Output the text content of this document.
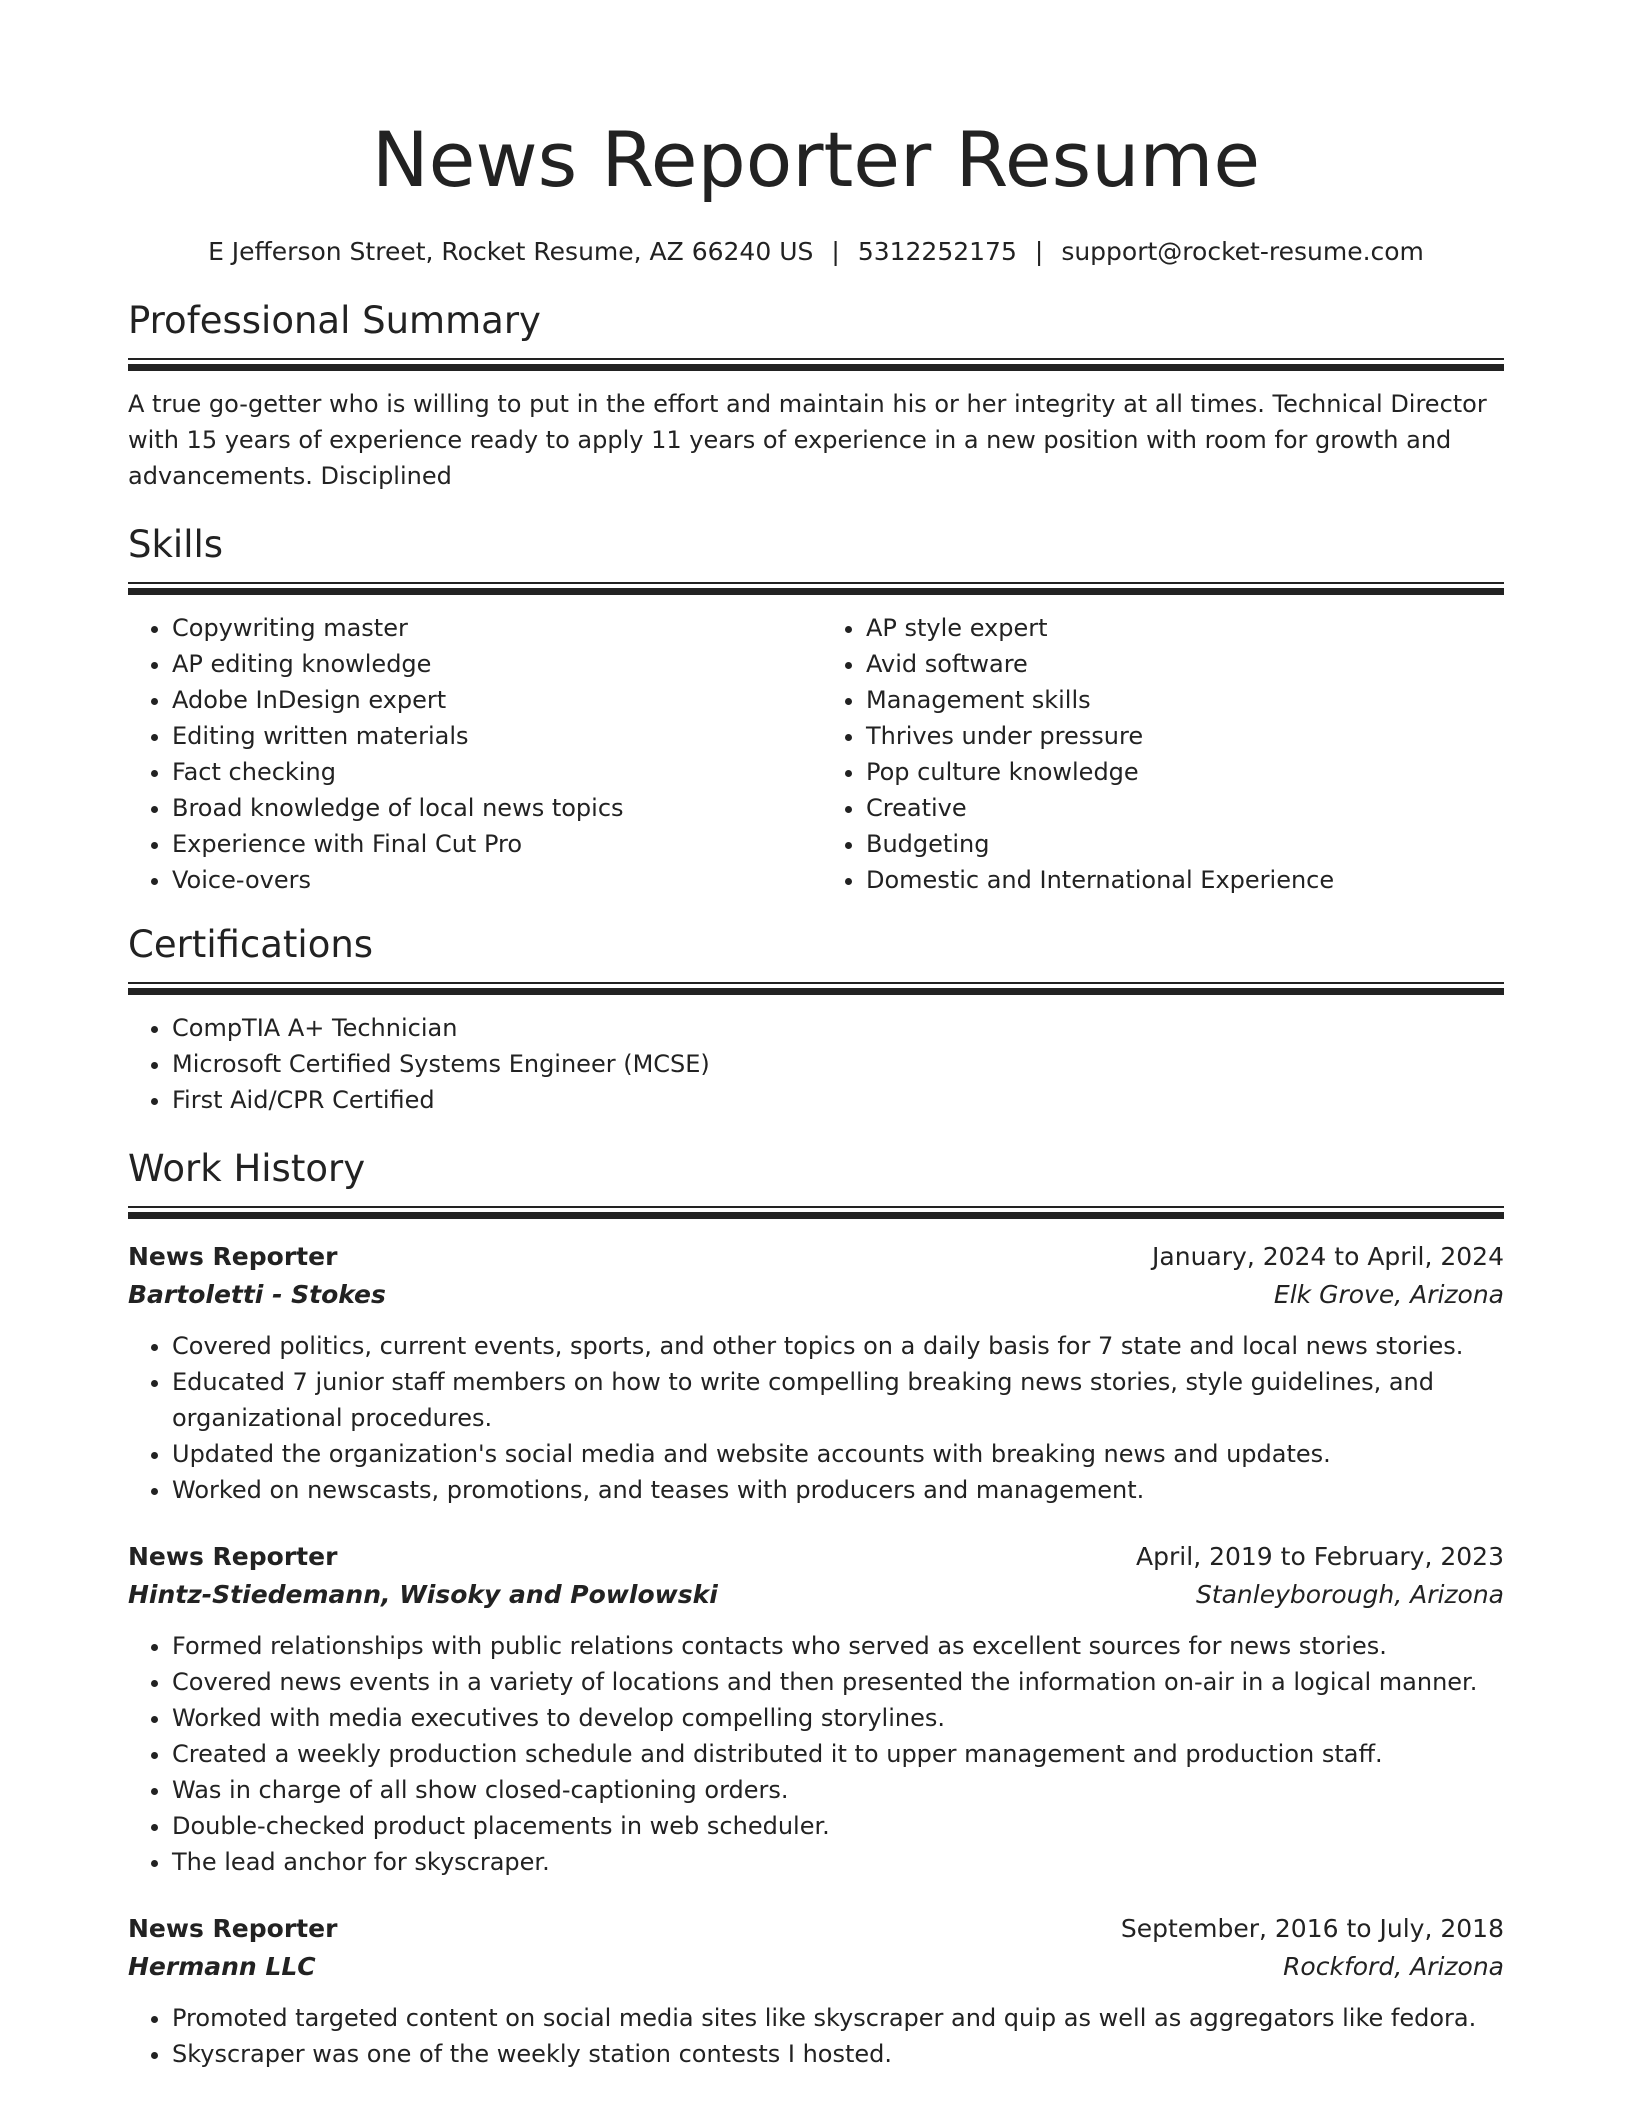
News Reporter Resume
E Jefferson Street, Rocket Resume, AZ 66240 US | 5312252175 | support@rocket-resume.com
Professional Summary
A true go-getter who is willing to put in the effort and maintain his or her integrity at all times. Technical Director with 15 years of experience ready to apply 11 years of experience in a new position with room for growth and advancements. Disciplined
Skills
• Copywriting master
• AP editing knowledge
• Adobe InDesign expert
• Editing written materials
• Fact checking
• Broad knowledge of local news topics
• Experience with Final Cut Pro
• Voice-overs
• AP style expert
• Avid software
• Management skills
• Thrives under pressure
• Pop culture knowledge
• Creative
• Budgeting
• Domestic and International Experience
Certifications
• CompTIA A+ Technician
• Microsoft Certified Systems Engineer (MCSE)
• First Aid/CPR Certified
Work History
News Reporter	January, 2024 to April, 2024
Bartoletti - Stokes	Elk Grove, Arizona
• Covered politics, current events, sports, and other topics on a daily basis for 7 state and local news stories.
• Educated 7 junior staff members on how to write compelling breaking news stories, style guidelines, and organizational procedures.
• Updated the organization's social media and website accounts with breaking news and updates.
• Worked on newscasts, promotions, and teases with producers and management.
News Reporter	April, 2019 to February, 2023
Hintz-Stiedemann, Wisoky and Powlowski	Stanleyborough, Arizona
• Formed relationships with public relations contacts who served as excellent sources for news stories.
• Covered news events in a variety of locations and then presented the information on-air in a logical manner.
• Worked with media executives to develop compelling storylines.
• Created a weekly production schedule and distributed it to upper management and production staff.
• Was in charge of all show closed-captioning orders.
• Double-checked product placements in web scheduler.
• The lead anchor for skyscraper.
News Reporter	September, 2016 to July, 2018
Hermann LLC	Rockford, Arizona
• Promoted targeted content on social media sites like skyscraper and quip as well as aggregators like fedora.
• Skyscraper was one of the weekly station contests I hosted.
